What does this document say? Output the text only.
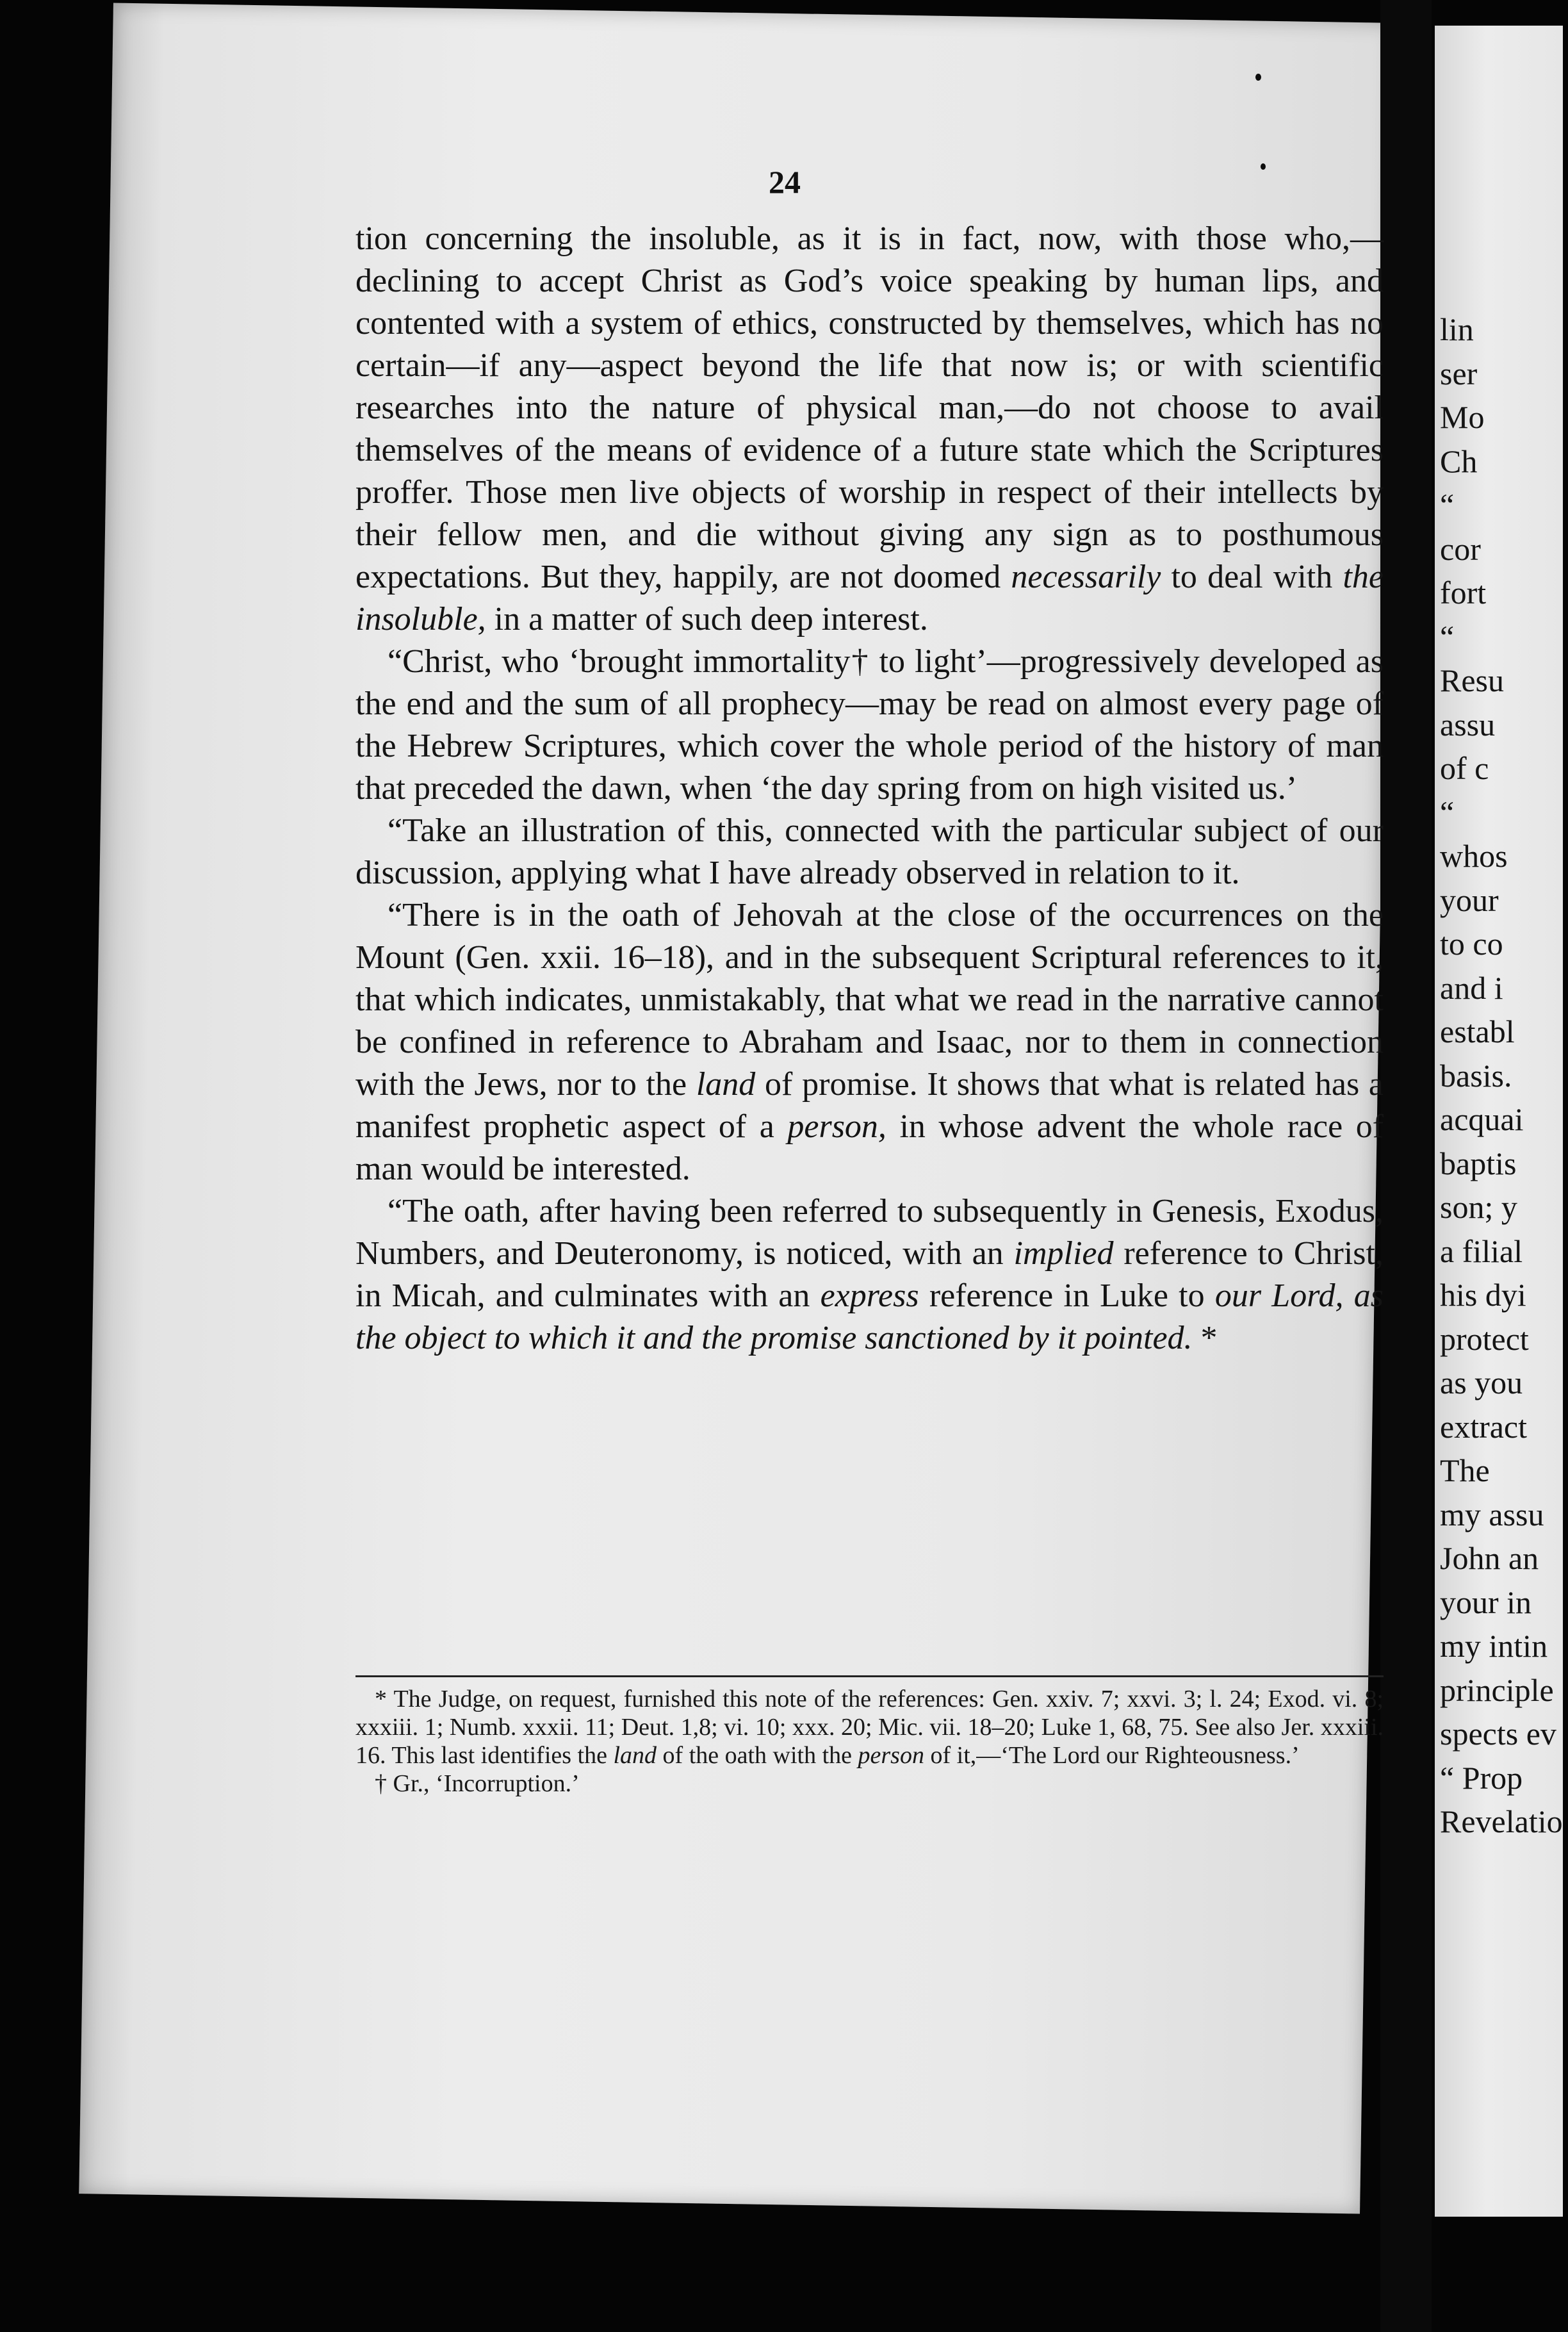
lin
ser
Mo
Ch
“
cor
fort
“
Resu
assu
of c
“
whos
your
to co
and i
establ
basis.
acquai
baptis
son; y
a filial
his dyi
protect
as you
extract
The
my assu
John an
your in
my intin
principle
spects ev
“ Prop
Revelatio
24

tion concerning the insoluble, as it is in fact, now, with those who,—declining to accept Christ as God’s voice speaking by human lips, and contented with a system of ethics, constructed by themselves, which has no certain—if any—aspect beyond the life that now is; or with scientific researches into the nature of physical man,—do not choose to avail themselves of the means of evidence of a future state which the Scriptures proffer. Those men live objects of worship in respect of their intellects by their fellow men, and die without giving any sign as to posthumous expectations. But they, happily, are not doomed necessarily to deal with the insoluble, in a matter of such deep interest.

“Christ, who ‘brought immortality† to light’—progressively developed as the end and the sum of all prophecy—may be read on almost every page of the Hebrew Scriptures, which cover the whole period of the history of man that preceded the dawn, when ‘the day spring from on high visited us.’

“Take an illustration of this, connected with the particular subject of our discussion, applying what I have already observed in relation to it.

“There is in the oath of Jehovah at the close of the occurrences on the Mount (Gen. xxii. 16–18), and in the subsequent Scriptural references to it, that which indicates, unmistakably, that what we read in the narrative cannot be confined in reference to Abraham and Isaac, nor to them in connection with the Jews, nor to the land of promise. It shows that what is related has a manifest prophetic aspect of a person, in whose advent the whole race of man would be interested.

“The oath, after having been referred to subsequently in Genesis, Exodus, Numbers, and Deuteronomy, is noticed, with an implied reference to Christ, in Micah, and culminates with an express reference in Luke to our Lord, as the object to which it and the promise sanctioned by it pointed. *

* The Judge, on request, furnished this note of the references: Gen. xxiv. 7; xxvi. 3; l. 24; Exod. vi. 8; xxxiii. 1; Numb. xxxii. 11; Deut. 1,8; vi. 10; xxx. 20; Mic. vii. 18–20; Luke 1, 68, 75. See also Jer. xxxiii. 16. This last identifies the land of the oath with the person of it,—‘The Lord our Righteousness.’

† Gr., ‘Incorruption.’
